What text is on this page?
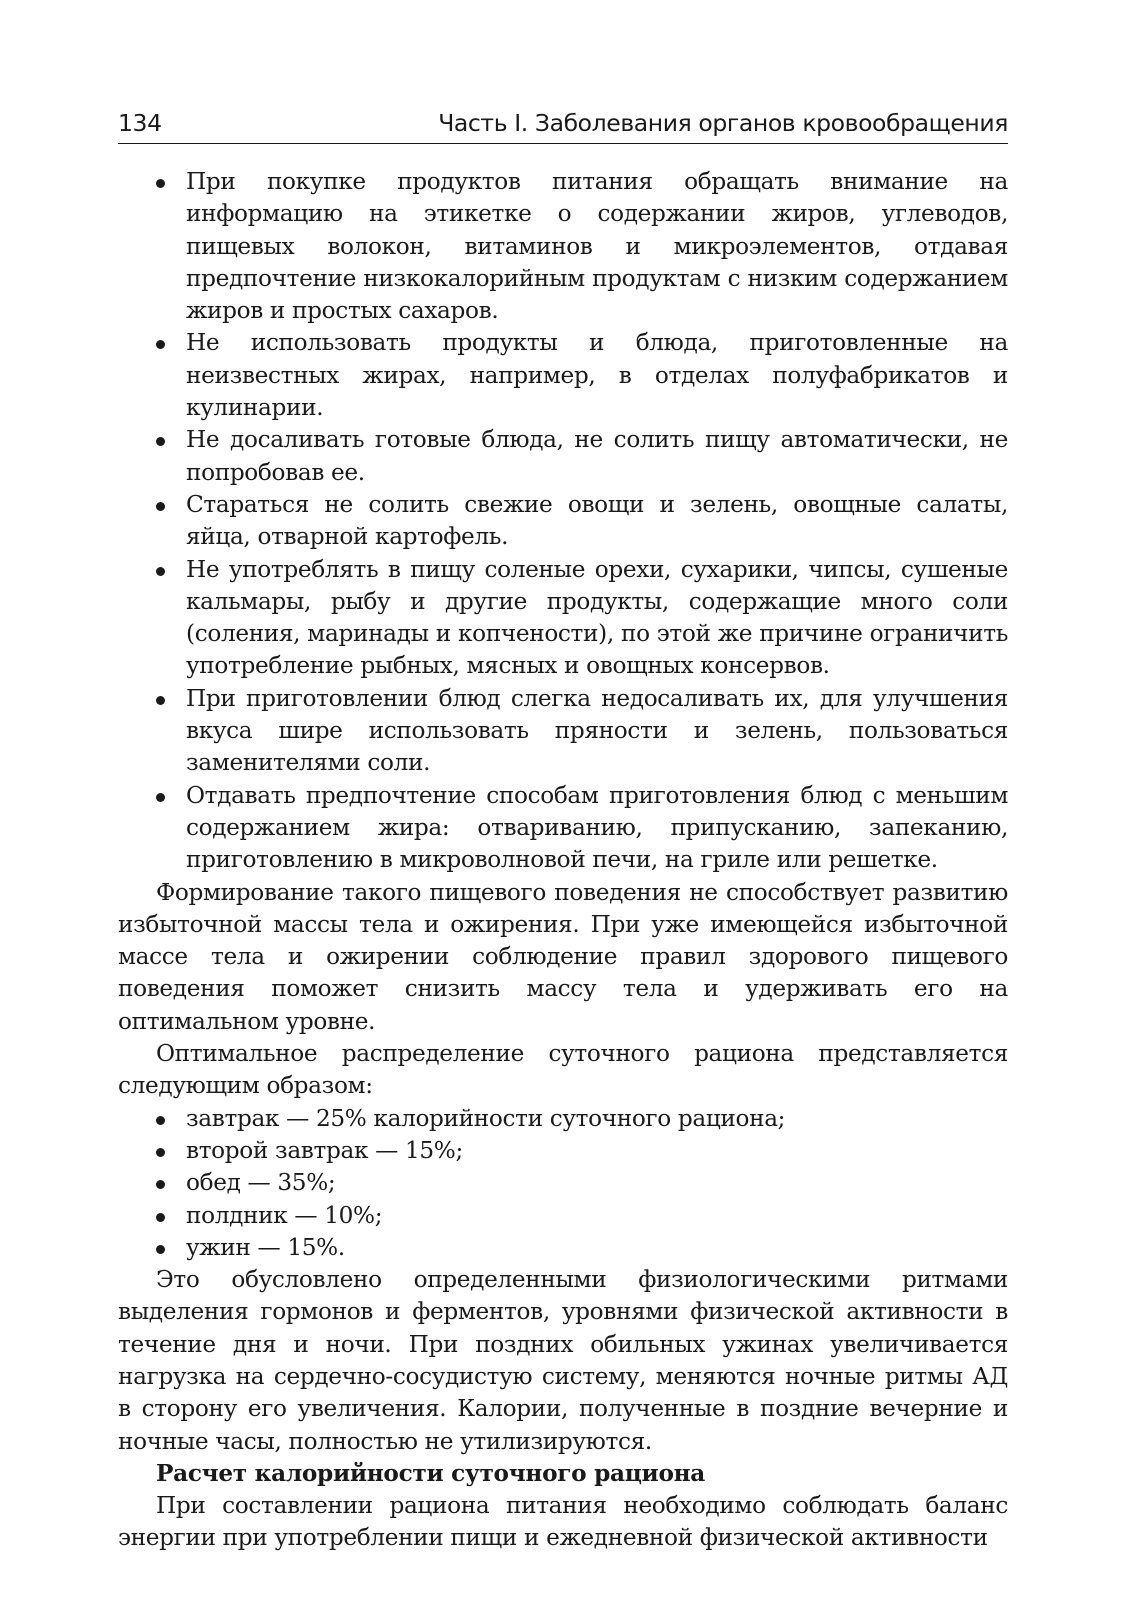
134	Часть I. Заболевания органов кровообращения
При покупке продуктов питания обращать внимание на информацию на этикетке о содержании жиров, углеводов, пищевых волокон, витаминов и микроэлементов, отдавая предпочтение низкокалорийным продуктам с низким содержанием жиров и простых сахаров.
Не использовать продукты и блюда, приготовленные на неизвестных жирах, например, в отделах полуфабрикатов и кулинарии.
Не досаливать готовые блюда, не солить пищу автоматически, не попробовав ее.
Стараться не солить свежие овощи и зелень, овощные салаты, яйца, отварной картофель.
Не употреблять в пищу соленые орехи, сухарики, чипсы, сушеные кальмары, рыбу и другие продукты, содержащие много соли (соления, маринады и копчености), по этой же причине ограничить употребление рыбных, мясных и овощных консервов.
При приготовлении блюд слегка недосаливать их, для улучшения вкуса шире использовать пряности и зелень, пользоваться заменителями соли.
Отдавать предпочтение способам приготовления блюд с меньшим содержанием жира: отвариванию, припусканию, запеканию, приготовлению в микроволновой печи, на гриле или решетке.

Формирование такого пищевого поведения не способствует развитию избыточной массы тела и ожирения. При уже имеющейся избыточной массе тела и ожирении соблюдение правил здорового пищевого поведения поможет снизить массу тела и удерживать его на оптимальном уровне.

Оптимальное распределение суточного рациона представляется следующим образом:

завтрак — 25% калорийности суточного рациона;
второй завтрак — 15%;
обед — 35%;
полдник — 10%;
ужин — 15%.

Это обусловлено определенными физиологическими ритмами выделения гормонов и ферментов, уровнями физической активности в течение дня и ночи. При поздних обильных ужинах увеличивается нагрузка на сердечно-сосудистую систему, меняются ночные ритмы АД в сторону его увеличения. Калории, полученные в поздние вечерние и ночные часы, полностью не утилизируются.

Расчет калорийности суточного рациона

При составлении рациона питания необходимо соблюдать баланс энергии при употреблении пищи и ежедневной физической активности
